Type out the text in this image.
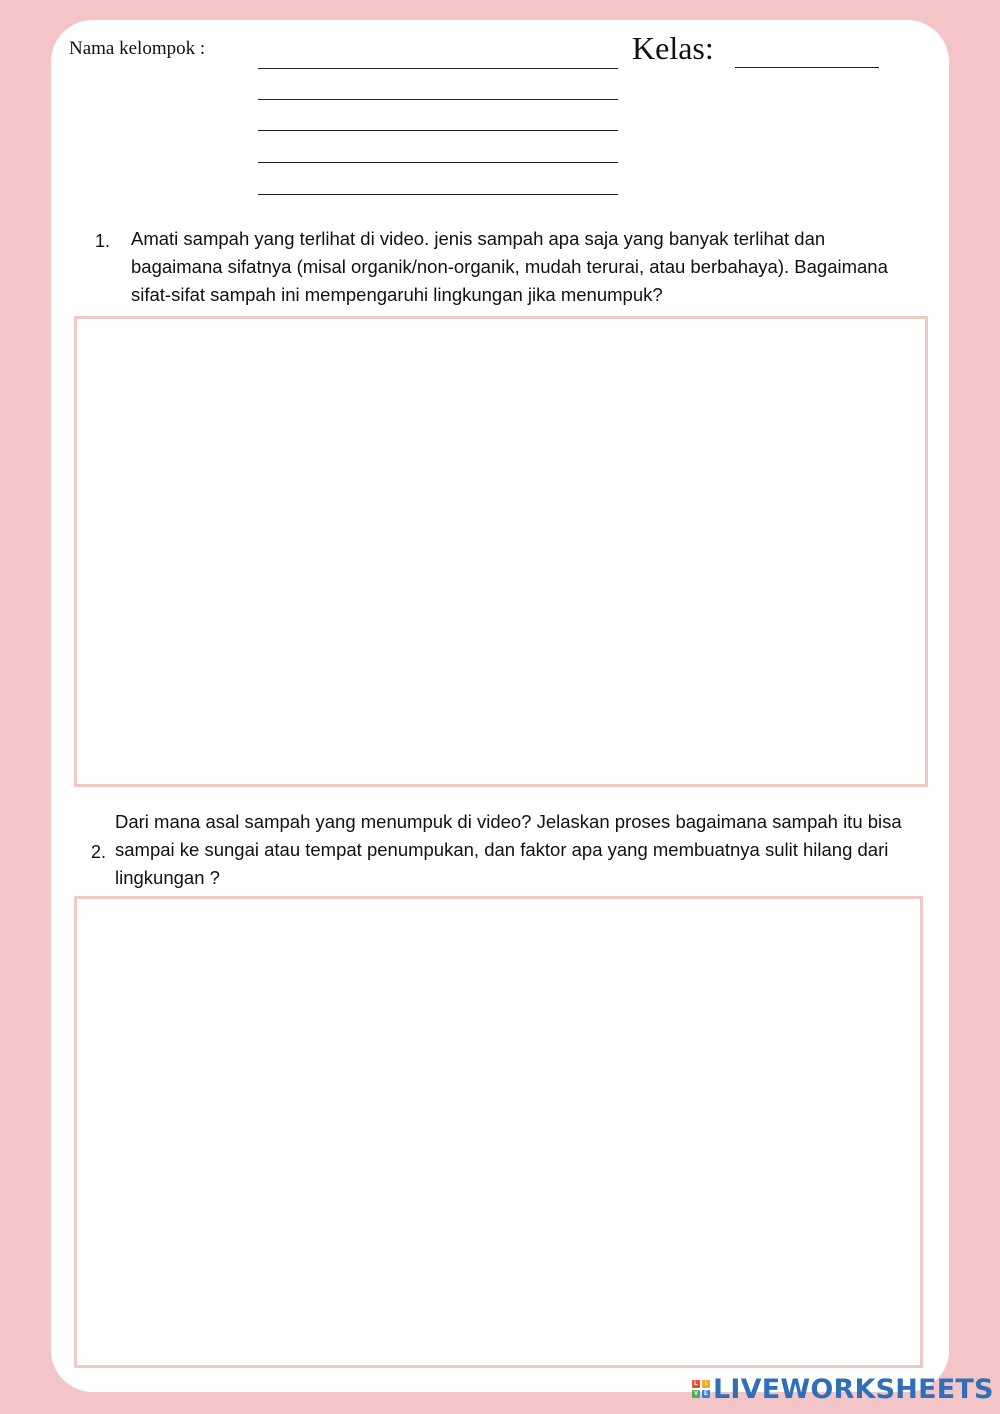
Nama kelompok :	Kelas:
1. Amati sampah yang terlihat di video. jenis sampah apa saja yang banyak terlihat dan bagaimana sifatnya (misal organik/non-organik, mudah terurai, atau berbahaya). Bagaimana sifat-sifat sampah ini mempengaruhi lingkungan jika menumpuk?
2.
Dari mana asal sampah yang menumpuk di video? Jelaskan proses bagaimana sampah itu bisa sampai ke sungai atau tempat penumpukan, dan faktor apa yang membuatnya sulit hilang dari lingkungan ?
L	I
V E LIVEWORKSHEETS
